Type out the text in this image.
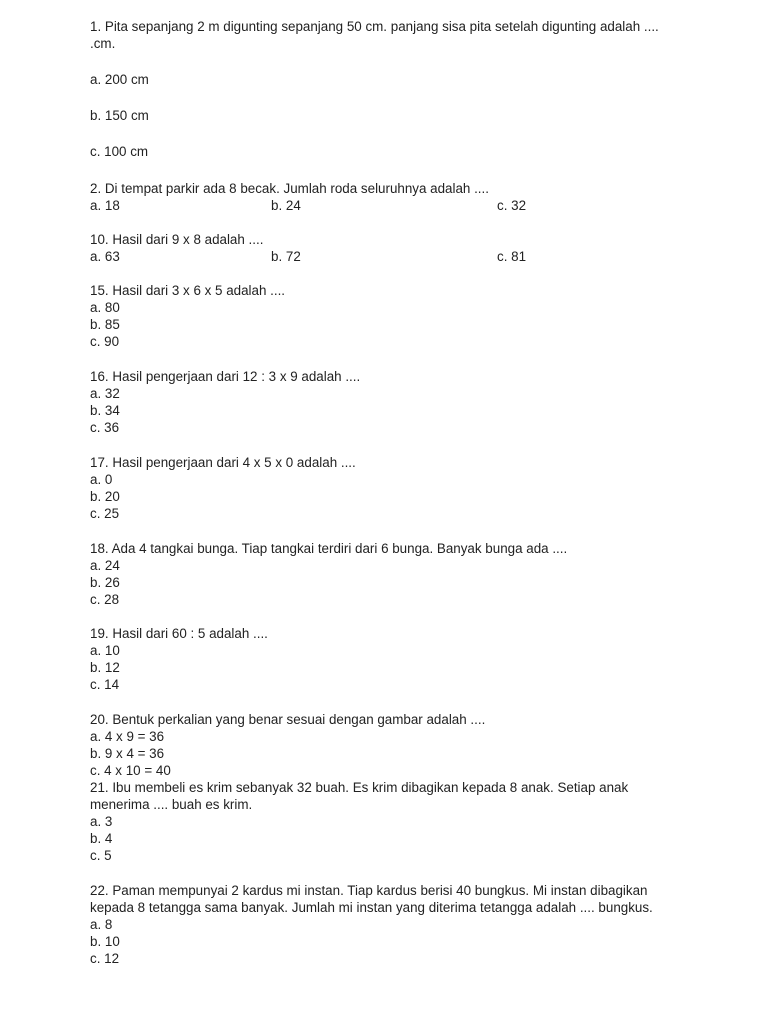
1. Pita sepanjang 2 m digunting sepanjang 50 cm. panjang sisa pita setelah digunting adalah .... .cm.
a. 200 cm
b. 150 cm
c. 100 cm
2. Di tempat parkir ada 8 becak. Jumlah roda seluruhnya adalah ....
a. 18	b. 24	c. 32
10. Hasil dari 9 x 8 adalah ....
a. 63	b. 72	c. 81
15. Hasil dari 3 x 6 x 5 adalah ....
a. 80
b. 85
c. 90
16. Hasil pengerjaan dari 12 : 3 x 9 adalah ....
a. 32
b. 34
c. 36
17. Hasil pengerjaan dari 4 x 5 x 0 adalah ....
a. 0
b. 20
c. 25
18. Ada 4 tangkai bunga. Tiap tangkai terdiri dari 6 bunga. Banyak bunga ada ....
a. 24
b. 26
c. 28
19. Hasil dari 60 : 5 adalah ....
a. 10
b. 12
c. 14
20. Bentuk perkalian yang benar sesuai dengan gambar adalah ....
a. 4 x 9 = 36
b. 9 x 4 = 36
c. 4 x 10 = 40
21. Ibu membeli es krim sebanyak 32 buah. Es krim dibagikan kepada 8 anak. Setiap anak menerima .... buah es krim.
a. 3
b. 4
c. 5
22. Paman mempunyai 2 kardus mi instan. Tiap kardus berisi 40 bungkus. Mi instan dibagikan kepada 8 tetangga sama banyak. Jumlah mi instan yang diterima tetangga adalah .... bungkus.
a. 8
b. 10
c. 12
